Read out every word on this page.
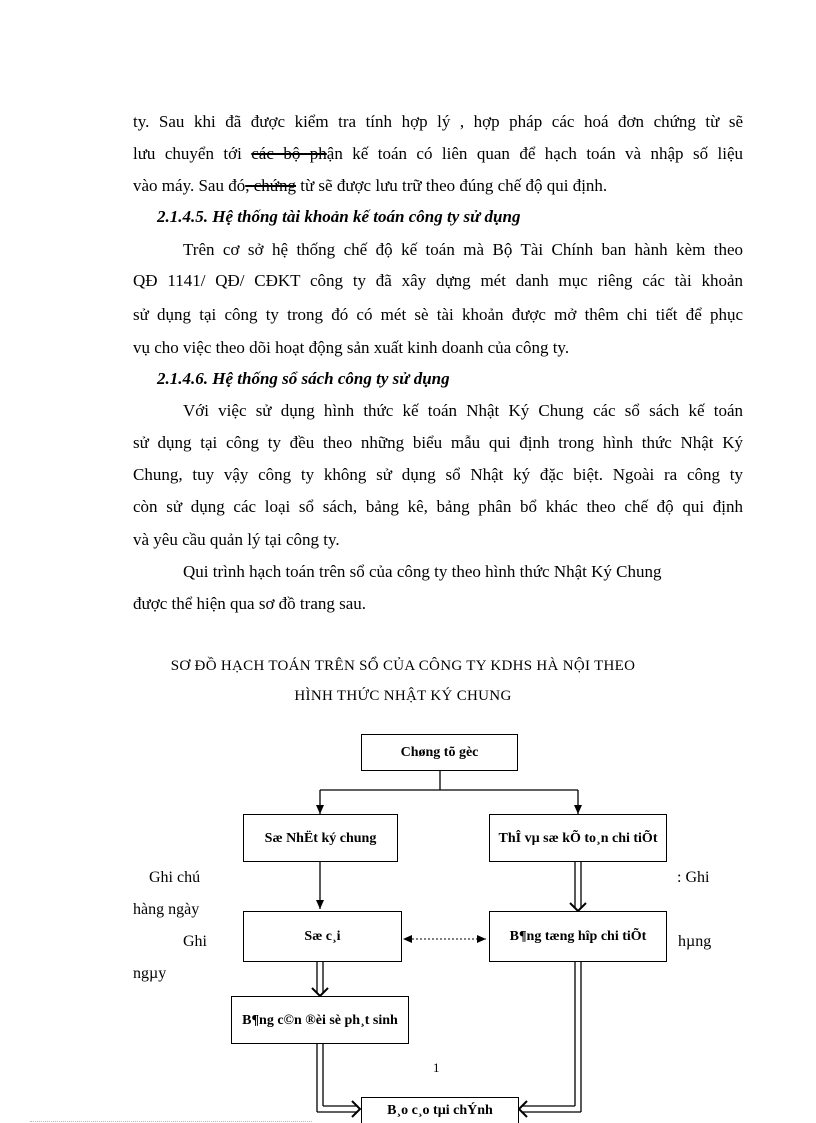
ty. Sau khi đã được kiểm tra tính hợp lý , hợp pháp các hoá đơn chứng từ sẽ
lưu chuyển tới các bộ phận kế toán có liên quan để hạch toán và nhập số liệu
vào máy. Sau đó, chứng từ sẽ được lưu trữ theo đúng chế độ qui định.
2.1.4.5. Hệ thống tài khoản kế toán công ty sử dụng
Trên cơ sở hệ thống chế độ kế toán mà Bộ Tài Chính ban hành kèm theo
QĐ 1141/ QĐ/ CĐKT công ty đã xây dựng mét danh mục riêng các tài khoản
sử dụng tại công ty trong đó có mét sè tài khoản được mở thêm chi tiết để phục
vụ cho việc theo dõi hoạt động sản xuất kinh doanh của công ty.
2.1.4.6. Hệ thống sổ sách công ty sử dụng
Với việc sử dụng hình thức kế toán Nhật Ký Chung các sổ sách kế toán
sử dụng tại công ty đều theo những biểu mẫu qui định trong hình thức Nhật Ký
Chung, tuy vậy công ty không sử dụng sổ Nhật ký đặc biệt. Ngoài ra công ty
còn sử dụng các loại sổ sách, bảng kê, bảng phân bổ khác theo chế độ qui định
và yêu cầu quản lý tại công ty.
Qui trình hạch toán trên sổ của công ty theo hình thức Nhật Ký Chung
được thể hiện qua sơ đồ trang sau.
SƠ ĐỒ HẠCH TOÁN TRÊN SỔ CỦA CÔNG TY KDHS HÀ NỘI THEO
HÌNH THỨC NHẬT KÝ CHUNG
Chøng tõ gèc
Sæ NhËt ký chung	ThÎ vµ sæ kÕ to¸n chi tiÕt
Sæ c¸i	B¶ng tæng hîp chi tiÕt
B¶ng c©n ®èi sè ph¸t sinh
B¸o c¸o tµi chÝnh
Ghi chú	: Ghi
hàng ngày
Ghi	hµng
ngµy
1
